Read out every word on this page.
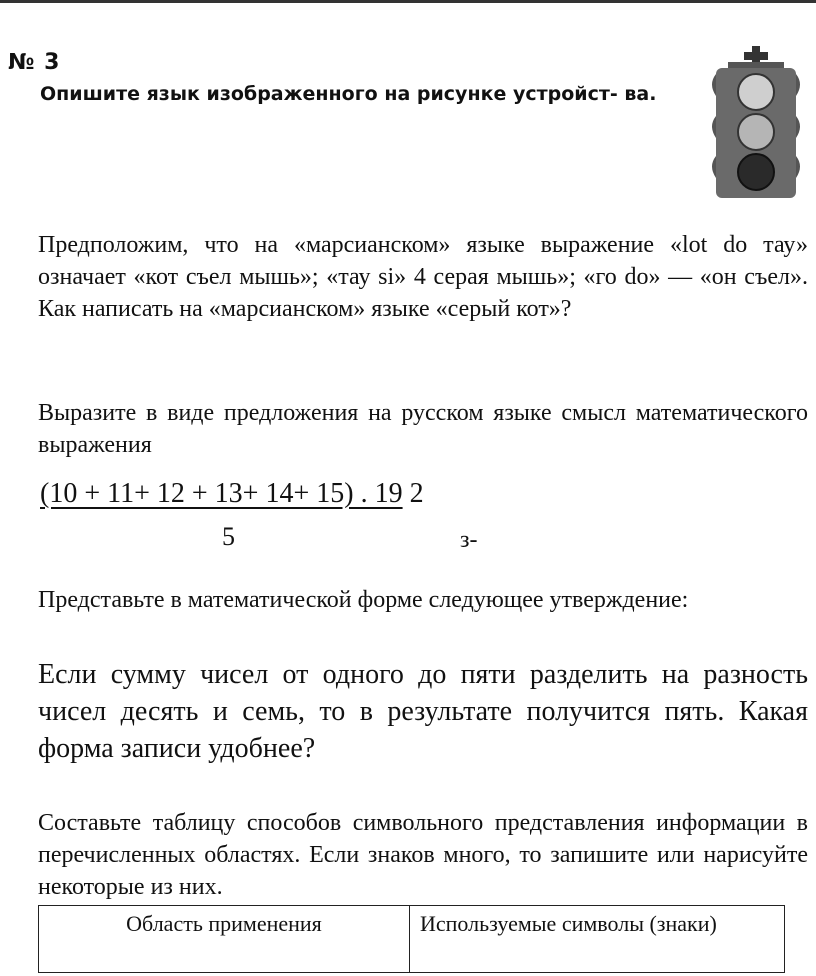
№ 3
Опишите язык изображенного на рисунке устройст- ва.
Предположим, что на «марсианском» языке выражение «lot do тау» означает «кот съел мышь»; «тау si» 4 серая мышь»; «го do» — «он съел». Как написать на «марсианском» языке «серый кот»?
Выразите в виде предложения на русском языке смысл математического выражения
(10 + 11+ 12 + 13+ 14+ 15) . 19 2
5	з-
Представьте в математической форме следующее утверждение:
Если сумму чисел от одного до пяти разделить на разность чисел десять и семь, то в результате получится пять. Какая форма записи удобнее?
Составьте таблицу способов символьного представления информации в перечисленных областях. Если знаков много, то запишите или нарисуйте некоторые из них.
Область применения	Используемые символы (знаки)
